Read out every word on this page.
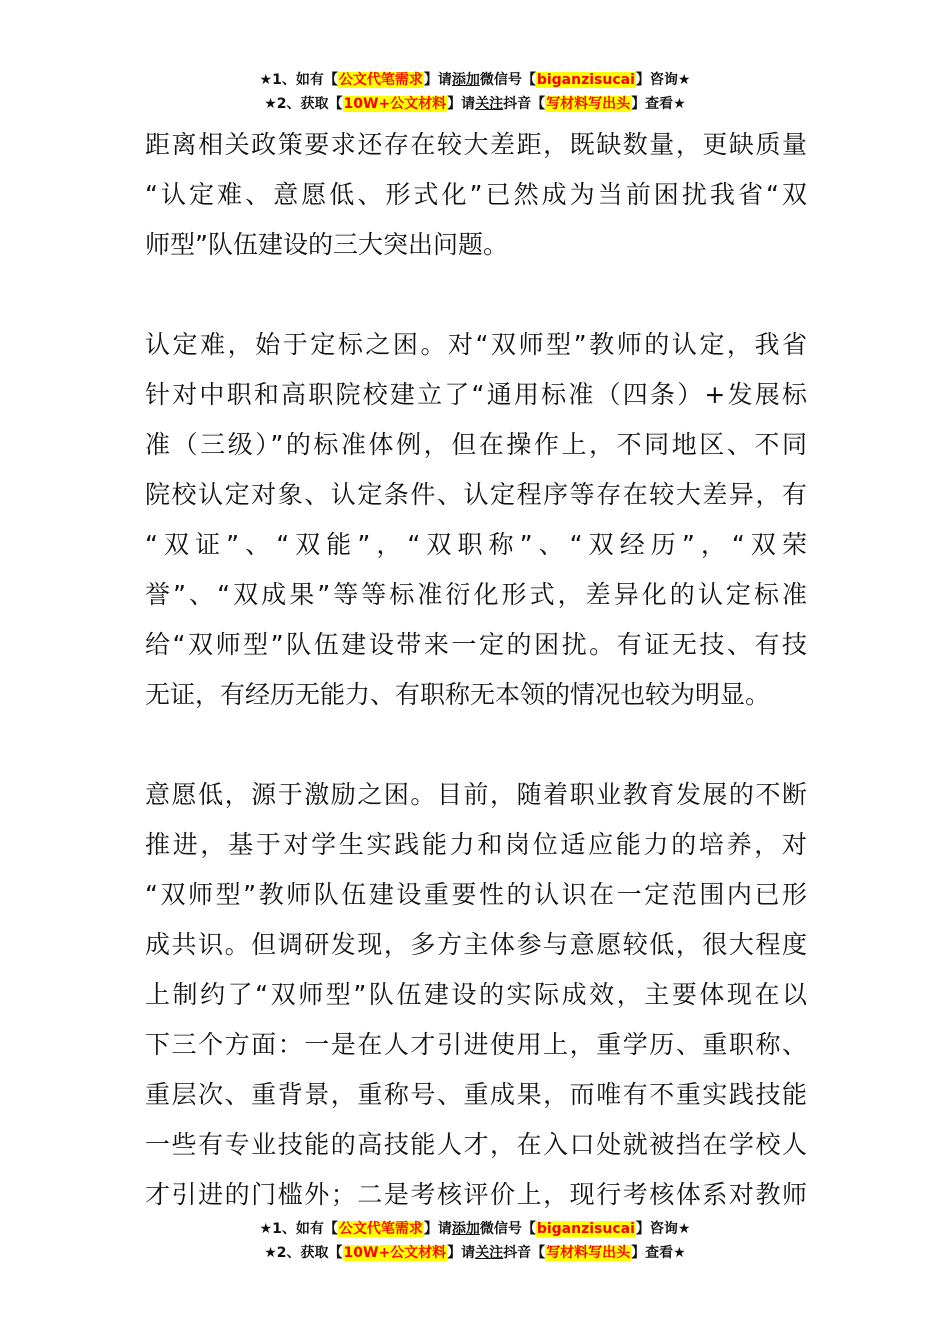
★1、如有【公文代笔需求】请添加微信号【biganzisucai】咨询★
★2、获取【10W+公文材料】请关注抖音【写材料写出头】查看★

距离相关政策要求还存在较大差距，既缺数量，更缺质量
“认定难、意愿低、形式化”已然成为当前困扰我省“双
师型”队伍建设的三大突出问题。

认定难，始于定标之困。对“双师型”教师的认定，我省
针对中职和高职院校建立了“通用标准（四条）+发展标
准（三级）”的标准体例，但在操作上，不同地区、不同
院校认定对象、认定条件、认定程序等存在较大差异，有
“双证”、“双能”，“双职称”、“双经历”，“双荣
誉”、“双成果”等等标准衍化形式，差异化的认定标准
给“双师型”队伍建设带来一定的困扰。有证无技、有技
无证，有经历无能力、有职称无本领的情况也较为明显。

意愿低，源于激励之困。目前，随着职业教育发展的不断
推进，基于对学生实践能力和岗位适应能力的培养，对
“双师型”教师队伍建设重要性的认识在一定范围内已形
成共识。但调研发现，多方主体参与意愿较低，很大程度
上制约了“双师型”队伍建设的实际成效，主要体现在以
下三个方面：一是在人才引进使用上，重学历、重职称、
重层次、重背景，重称号、重成果，而唯有不重实践技能
一些有专业技能的高技能人才，在入口处就被挡在学校人
才引进的门槛外；二是考核评价上，现行考核体系对教师

★1、如有【公文代笔需求】请添加微信号【biganzisucai】咨询★
★2、获取【10W+公文材料】请关注抖音【写材料写出头】查看★
